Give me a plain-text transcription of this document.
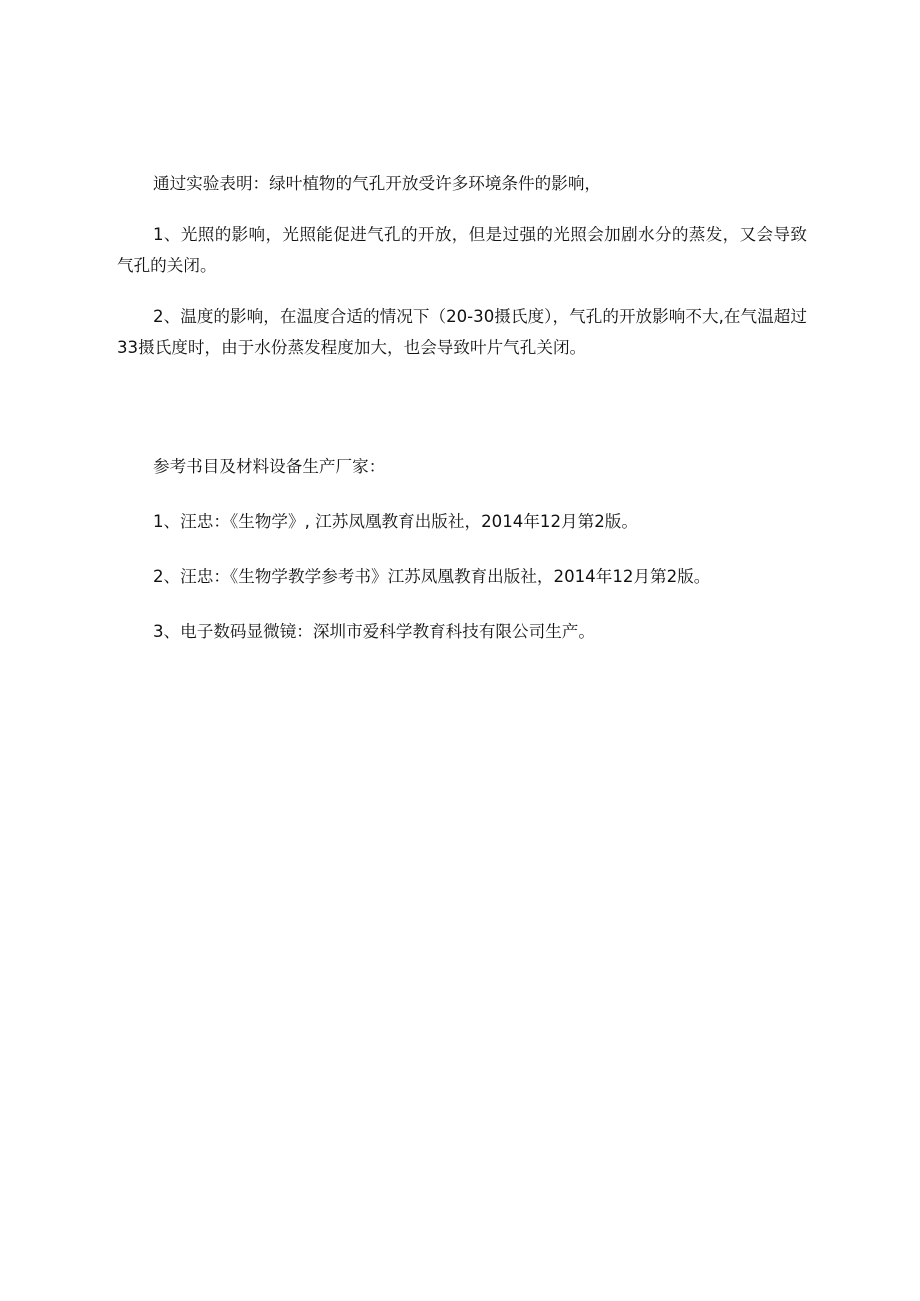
通过实验表明：绿叶植物的气孔开放受许多环境条件的影响，

1、光照的影响，光照能促进气孔的开放，但是过强的光照会加剧水分的蒸发，又会导致气孔的关闭。

2、温度的影响，在温度合适的情况下（20-30摄氏度），气孔的开放影响不大,在气温超过33摄氏度时，由于水份蒸发程度加大，也会导致叶片气孔关闭。

参考书目及材料设备生产厂家：

1、汪忠：《生物学》, 江苏凤凰教育出版社，2014年12月第2版。

2、汪忠：《生物学教学参考书》江苏凤凰教育出版社，2014年12月第2版。

3、电子数码显微镜：深圳市爱科学教育科技有限公司生产。
